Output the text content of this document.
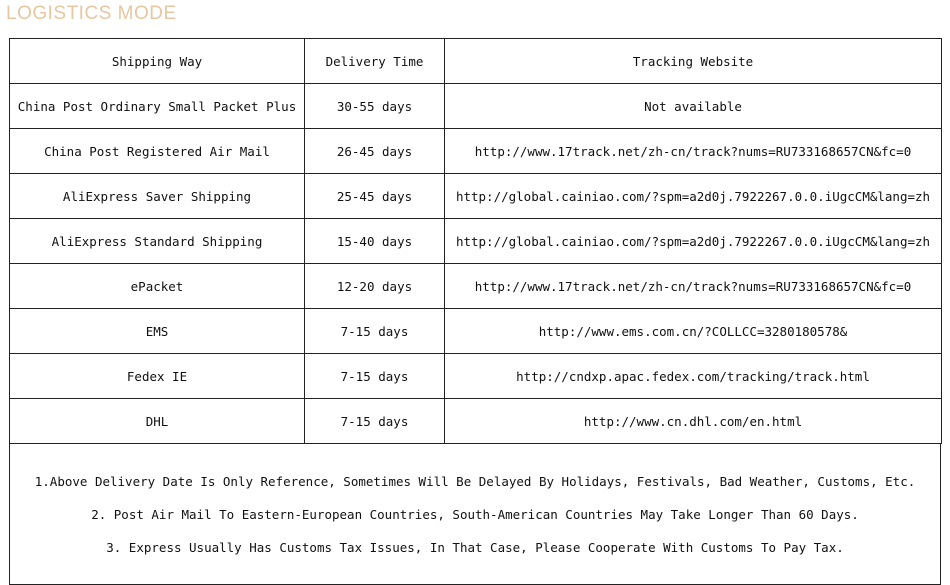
LOGISTICS MODE
Shipping Way	Delivery Time	Tracking Website
China Post Ordinary Small Packet Plus	30-55 days	Not available
China Post Registered Air Mail	26-45 days	http://www.17track.net/zh-cn/track?nums=RU733168657CN&fc=0
AliExpress Saver Shipping	25-45 days	http://global.cainiao.com/?spm=a2d0j.7922267.0.0.iUgcCM&lang=zh
AliExpress Standard Shipping	15-40 days	http://global.cainiao.com/?spm=a2d0j.7922267.0.0.iUgcCM&lang=zh
ePacket	12-20 days	http://www.17track.net/zh-cn/track?nums=RU733168657CN&fc=0
EMS	7-15 days	http://www.ems.com.cn/?COLLCC=3280180578&
Fedex IE	7-15 days	http://cndxp.apac.fedex.com/tracking/track.html
DHL	7-15 days	http://www.cn.dhl.com/en.html
1.Above Delivery Date Is Only Reference, Sometimes Will Be Delayed By Holidays, Festivals, Bad Weather, Customs, Etc.
2. Post Air Mail To Eastern-European Countries, South-American Countries May Take Longer Than 60 Days.
3. Express Usually Has Customs Tax Issues, In That Case, Please Cooperate With Customs To Pay Tax.
